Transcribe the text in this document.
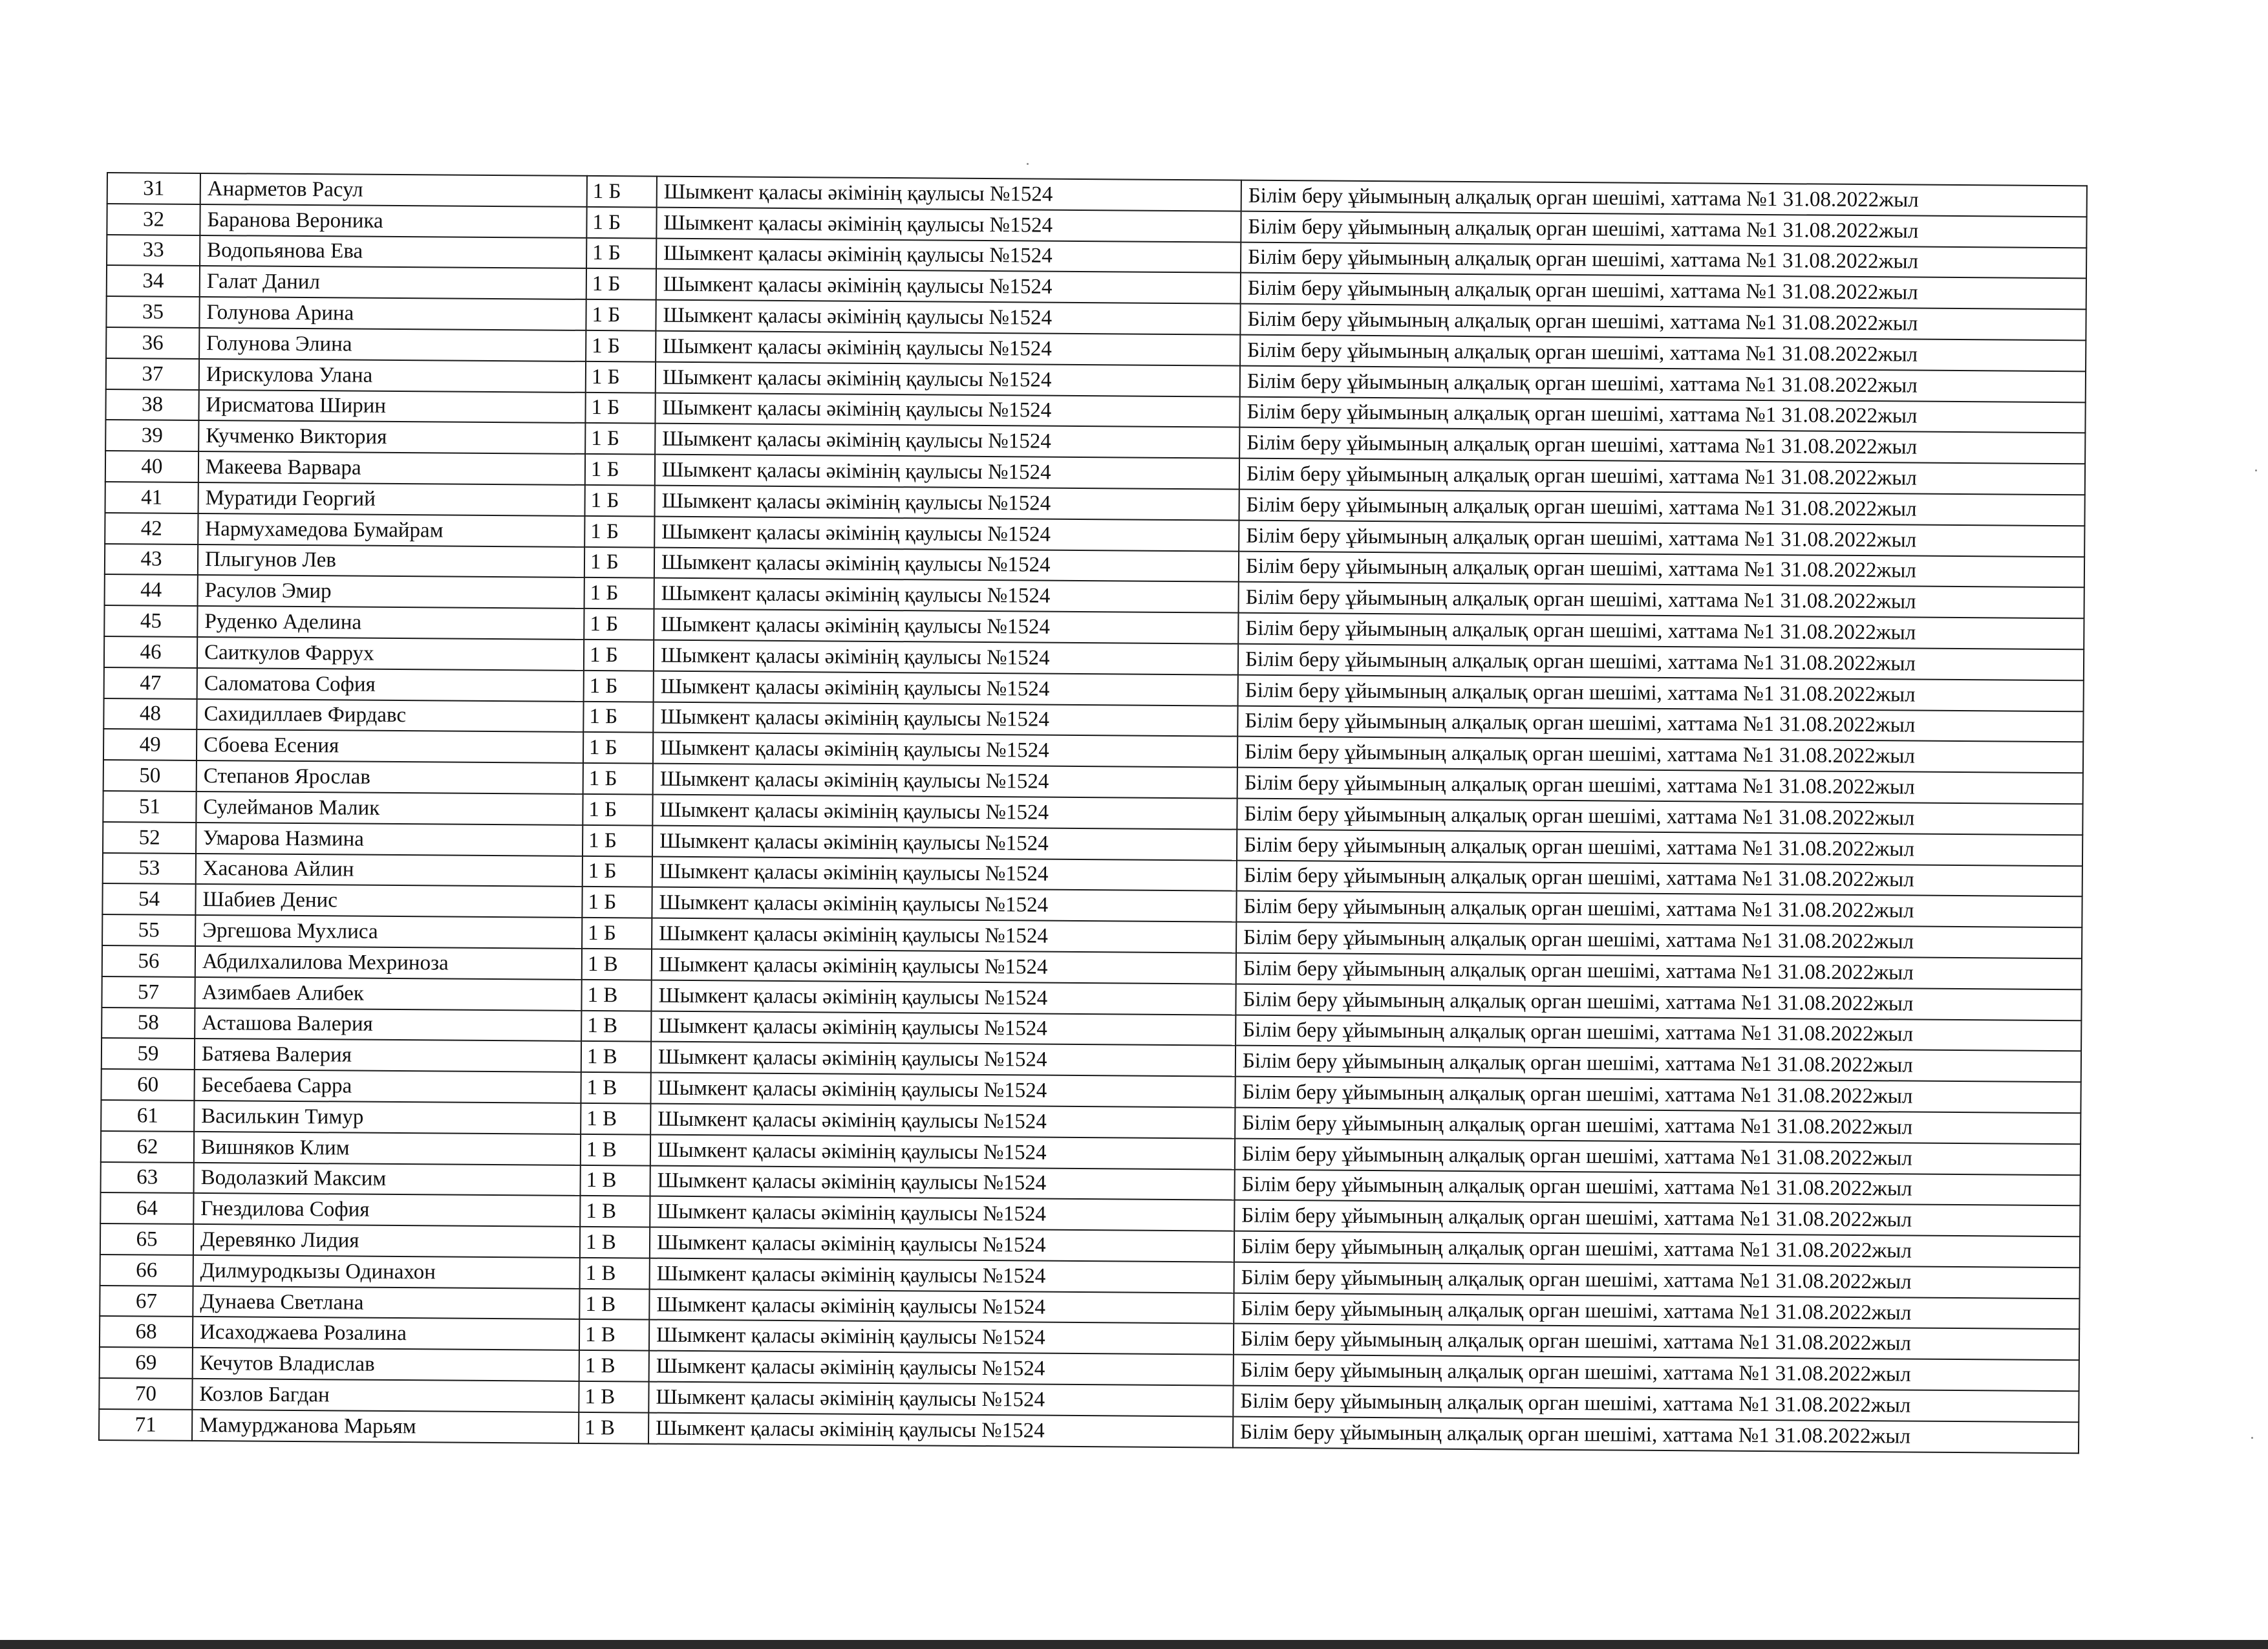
31	Анарметов Расул	1 Б	Шымкент қаласы әкімінің қаулысы №1524	Білім беру ұйымының алқалық орган шешімі, хаттама №1 31.08.2022жыл
32	Баранова Вероника	1 Б	Шымкент қаласы әкімінің қаулысы №1524	Білім беру ұйымының алқалық орган шешімі, хаттама №1 31.08.2022жыл
33	Водопьянова Ева	1 Б	Шымкент қаласы әкімінің қаулысы №1524	Білім беру ұйымының алқалық орган шешімі, хаттама №1 31.08.2022жыл
34	Галат Данил	1 Б	Шымкент қаласы әкімінің қаулысы №1524	Білім беру ұйымының алқалық орган шешімі, хаттама №1 31.08.2022жыл
35	Голунова Арина	1 Б	Шымкент қаласы әкімінің қаулысы №1524	Білім беру ұйымының алқалық орган шешімі, хаттама №1 31.08.2022жыл
36	Голунова Элина	1 Б	Шымкент қаласы әкімінің қаулысы №1524	Білім беру ұйымының алқалық орган шешімі, хаттама №1 31.08.2022жыл
37	Ирискулова Улана	1 Б	Шымкент қаласы әкімінің қаулысы №1524	Білім беру ұйымының алқалық орган шешімі, хаттама №1 31.08.2022жыл
38	Ирисматова Ширин	1 Б	Шымкент қаласы әкімінің қаулысы №1524	Білім беру ұйымының алқалық орган шешімі, хаттама №1 31.08.2022жыл
39	Кучменко Виктория	1 Б	Шымкент қаласы әкімінің қаулысы №1524	Білім беру ұйымының алқалық орган шешімі, хаттама №1 31.08.2022жыл
40	Макеева Варвара	1 Б	Шымкент қаласы әкімінің қаулысы №1524	Білім беру ұйымының алқалық орган шешімі, хаттама №1 31.08.2022жыл
41	Муратиди Георгий	1 Б	Шымкент қаласы әкімінің қаулысы №1524	Білім беру ұйымының алқалық орган шешімі, хаттама №1 31.08.2022жыл
42	Нармухамедова Бумайрам	1 Б	Шымкент қаласы әкімінің қаулысы №1524	Білім беру ұйымының алқалық орган шешімі, хаттама №1 31.08.2022жыл
43	Плыгунов Лев	1 Б	Шымкент қаласы әкімінің қаулысы №1524	Білім беру ұйымының алқалық орган шешімі, хаттама №1 31.08.2022жыл
44	Расулов Эмир	1 Б	Шымкент қаласы әкімінің қаулысы №1524	Білім беру ұйымының алқалық орган шешімі, хаттама №1 31.08.2022жыл
45	Руденко Аделина	1 Б	Шымкент қаласы әкімінің қаулысы №1524	Білім беру ұйымының алқалық орган шешімі, хаттама №1 31.08.2022жыл
46	Саиткулов Фаррух	1 Б	Шымкент қаласы әкімінің қаулысы №1524	Білім беру ұйымының алқалық орган шешімі, хаттама №1 31.08.2022жыл
47	Саломатова София	1 Б	Шымкент қаласы әкімінің қаулысы №1524	Білім беру ұйымының алқалық орган шешімі, хаттама №1 31.08.2022жыл
48	Сахидиллаев Фирдавс	1 Б	Шымкент қаласы әкімінің қаулысы №1524	Білім беру ұйымының алқалық орган шешімі, хаттама №1 31.08.2022жыл
49	Сбоева Есения	1 Б	Шымкент қаласы әкімінің қаулысы №1524	Білім беру ұйымының алқалық орган шешімі, хаттама №1 31.08.2022жыл
50	Степанов Ярослав	1 Б	Шымкент қаласы әкімінің қаулысы №1524	Білім беру ұйымының алқалық орган шешімі, хаттама №1 31.08.2022жыл
51	Сулейманов Малик	1 Б	Шымкент қаласы әкімінің қаулысы №1524	Білім беру ұйымының алқалық орган шешімі, хаттама №1 31.08.2022жыл
52	Умарова Назмина	1 Б	Шымкент қаласы әкімінің қаулысы №1524	Білім беру ұйымының алқалық орган шешімі, хаттама №1 31.08.2022жыл
53	Хасанова Айлин	1 Б	Шымкент қаласы әкімінің қаулысы №1524	Білім беру ұйымының алқалық орган шешімі, хаттама №1 31.08.2022жыл
54	Шабиев Денис	1 Б	Шымкент қаласы әкімінің қаулысы №1524	Білім беру ұйымының алқалық орган шешімі, хаттама №1 31.08.2022жыл
55	Эргешова Мухлиса	1 Б	Шымкент қаласы әкімінің қаулысы №1524	Білім беру ұйымының алқалық орган шешімі, хаттама №1 31.08.2022жыл
56	Абдилхалилова Мехриноза	1 В	Шымкент қаласы әкімінің қаулысы №1524	Білім беру ұйымының алқалық орган шешімі, хаттама №1 31.08.2022жыл
57	Азимбаев Алибек	1 В	Шымкент қаласы әкімінің қаулысы №1524	Білім беру ұйымының алқалық орган шешімі, хаттама №1 31.08.2022жыл
58	Асташова Валерия	1 В	Шымкент қаласы әкімінің қаулысы №1524	Білім беру ұйымының алқалық орган шешімі, хаттама №1 31.08.2022жыл
59	Батяева Валерия	1 В	Шымкент қаласы әкімінің қаулысы №1524	Білім беру ұйымының алқалық орган шешімі, хаттама №1 31.08.2022жыл
60	Бесебаева Сарра	1 В	Шымкент қаласы әкімінің қаулысы №1524	Білім беру ұйымының алқалық орган шешімі, хаттама №1 31.08.2022жыл
61	Василькин Тимур	1 В	Шымкент қаласы әкімінің қаулысы №1524	Білім беру ұйымының алқалық орган шешімі, хаттама №1 31.08.2022жыл
62	Вишняков Клим	1 В	Шымкент қаласы әкімінің қаулысы №1524	Білім беру ұйымының алқалық орган шешімі, хаттама №1 31.08.2022жыл
63	Водолазкий Максим	1 В	Шымкент қаласы әкімінің қаулысы №1524	Білім беру ұйымының алқалық орган шешімі, хаттама №1 31.08.2022жыл
64	Гнездилова София	1 В	Шымкент қаласы әкімінің қаулысы №1524	Білім беру ұйымының алқалық орган шешімі, хаттама №1 31.08.2022жыл
65	Деревянко Лидия	1 В	Шымкент қаласы әкімінің қаулысы №1524	Білім беру ұйымының алқалық орган шешімі, хаттама №1 31.08.2022жыл
66	Дилмуродкызы Одинахон	1 В	Шымкент қаласы әкімінің қаулысы №1524	Білім беру ұйымының алқалық орган шешімі, хаттама №1 31.08.2022жыл
67	Дунаева Светлана	1 В	Шымкент қаласы әкімінің қаулысы №1524	Білім беру ұйымының алқалық орган шешімі, хаттама №1 31.08.2022жыл
68	Исаходжаева Розалина	1 В	Шымкент қаласы әкімінің қаулысы №1524	Білім беру ұйымының алқалық орган шешімі, хаттама №1 31.08.2022жыл
69	Кечутов Владислав	1 В	Шымкент қаласы әкімінің қаулысы №1524	Білім беру ұйымының алқалық орган шешімі, хаттама №1 31.08.2022жыл
70	Козлов Багдан	1 В	Шымкент қаласы әкімінің қаулысы №1524	Білім беру ұйымының алқалық орган шешімі, хаттама №1 31.08.2022жыл
71	Мамурджанова Марьям	1 В	Шымкент қаласы әкімінің қаулысы №1524	Білім беру ұйымының алқалық орган шешімі, хаттама №1 31.08.2022жыл
